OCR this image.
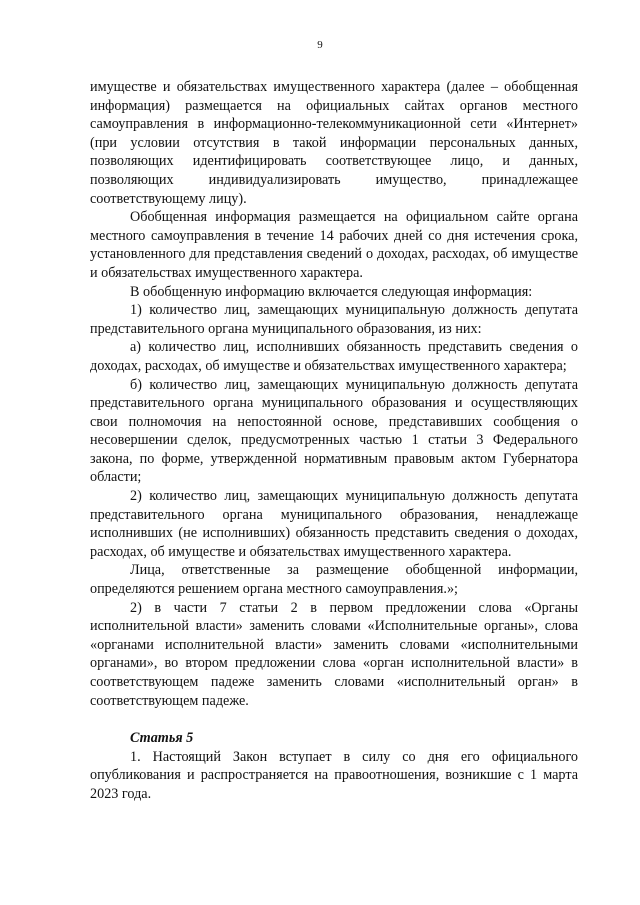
9

имуществе и обязательствах имущественного характера (далее – обобщенная информация) размещается на официальных сайтах органов местного самоуправления в информационно-телекоммуникационной сети «Интернет» (при условии отсутствия в такой информации персональных данных, позволяющих идентифицировать соответствующее лицо, и данных, позволяющих индивидуализировать имущество, принадлежащее соответствующему лицу).

Обобщенная информация размещается на официальном сайте органа местного самоуправления в течение 14 рабочих дней со дня истечения срока, установленного для представления сведений о доходах, расходах, об имуществе и обязательствах имущественного характера.

В обобщенную информацию включается следующая информация:

1) количество лиц, замещающих муниципальную должность депутата представительного органа муниципального образования, из них:

а) количество лиц, исполнивших обязанность представить сведения о доходах, расходах, об имуществе и обязательствах имущественного характера;

б) количество лиц, замещающих муниципальную должность депутата представительного органа муниципального образования и осуществляющих свои полномочия на непостоянной основе, представивших сообщения о несовершении сделок, предусмотренных частью 1 статьи 3 Федерального закона, по форме, утвержденной нормативным правовым актом Губернатора области;

2) количество лиц, замещающих муниципальную должность депутата представительного органа муниципального образования, ненадлежаще исполнивших (не исполнивших) обязанность представить сведения о доходах, расходах, об имуществе и обязательствах имущественного характера.

Лица, ответственные за размещение обобщенной информации, определяются решением органа местного самоуправления.»;

2) в части 7 статьи 2 в первом предложении слова «Органы исполнительной власти» заменить словами «Исполнительные органы», слова «органами исполнительной власти» заменить словами «исполнительными органами», во втором предложении слова «орган исполнительной власти» в соответствующем падеже заменить словами «исполнительный орган» в соответствующем падеже.

Статья 5

1. Настоящий Закон вступает в силу со дня его официального опубликования и распространяется на правоотношения, возникшие с 1 марта 2023 года.
